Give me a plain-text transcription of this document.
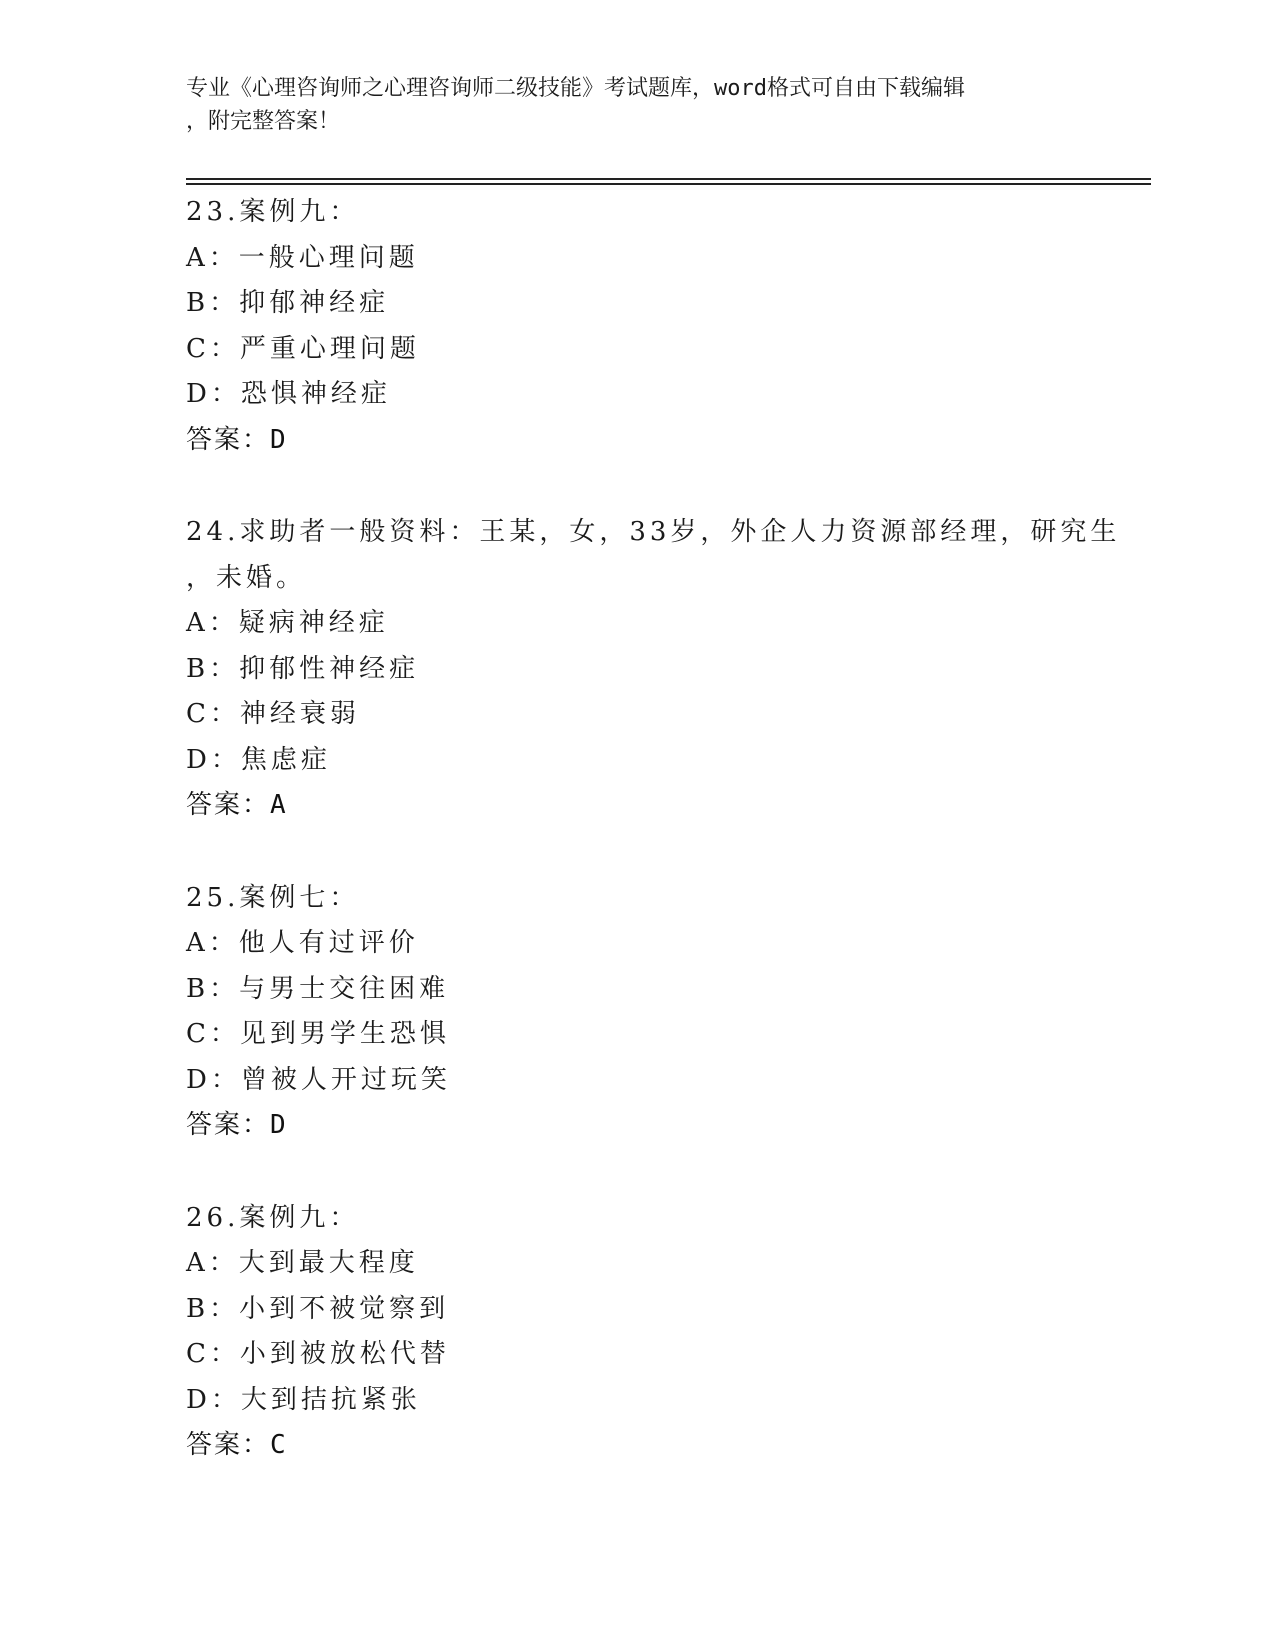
专业《心理咨询师之心理咨询师二级技能》考试题库，word格式可自由下载编辑
，附完整答案！
23.案例九：
A：一般心理问题
B：抑郁神经症
C：严重心理问题
D：恐惧神经症
答案：D
24.求助者一般资料：王某，女，33岁，外企人力资源部经理，研究生
，未婚。
A：疑病神经症
B：抑郁性神经症
C：神经衰弱
D：焦虑症
答案：A
25.案例七：
A：他人有过评价
B：与男士交往困难
C：见到男学生恐惧
D：曾被人开过玩笑
答案：D
26.案例九：
A：大到最大程度
B：小到不被觉察到
C：小到被放松代替
D：大到拮抗紧张
答案：C
